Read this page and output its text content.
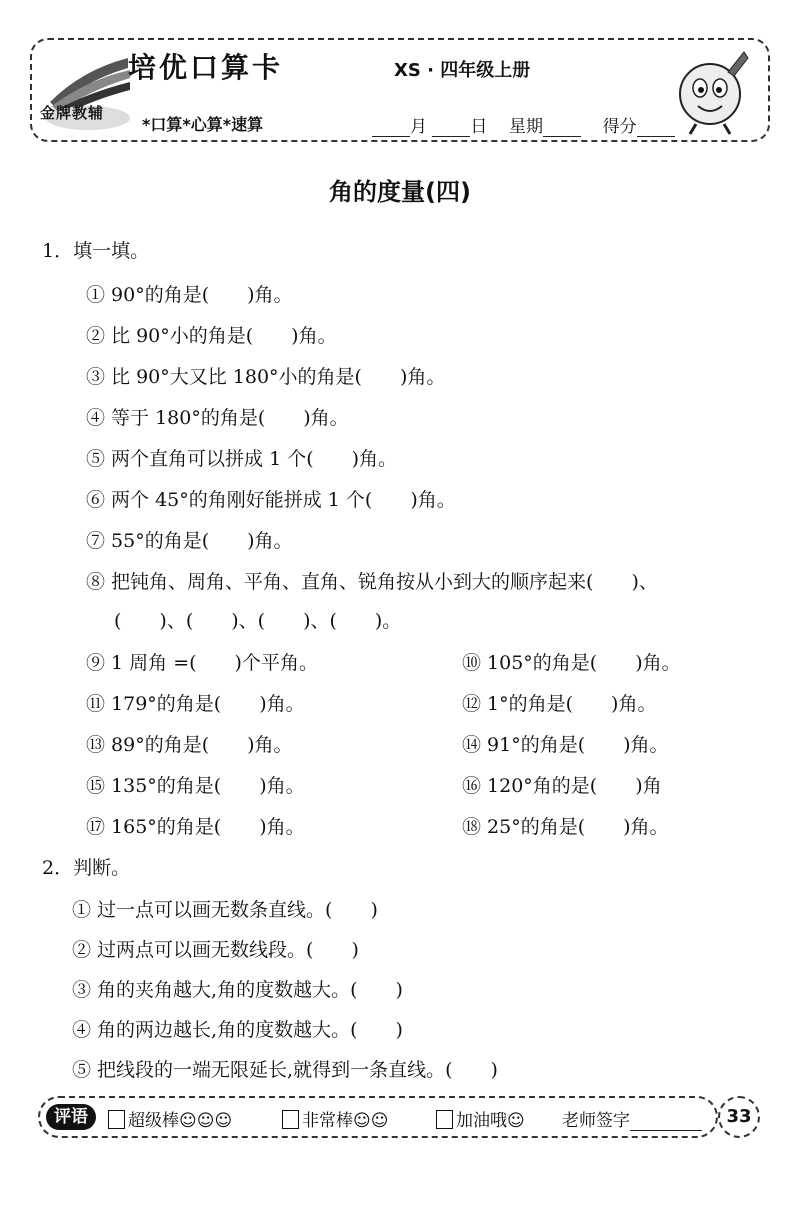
金牌教辅
培优口算卡
*口算*心算*速算
XS · 四年级上册
月	日 星期	得分
角的度量(四)
1．填一填。
① 90°的角是(　　)角。
② 比 90°小的角是(　　)角。
③ 比 90°大又比 180°小的角是(　　)角。
④ 等于 180°的角是(　　)角。
⑤ 两个直角可以拼成 1 个(　　)角。
⑥ 两个 45°的角刚好能拼成 1 个(　　)角。
⑦ 55°的角是(　　)角。
⑧ 把钝角、周角、平角、直角、锐角按从小到大的顺序起来(　　)、
(　　)、(　　)、(　　)、(　　)。
⑨ 1 周角 =(　　)个平角。	⑩ 105°的角是(　　)角。
⑪ 179°的角是(　　)角。	⑫ 1°的角是(　　)角。
⑬ 89°的角是(　　)角。	⑭ 91°的角是(　　)角。
⑮ 135°的角是(　　)角。	⑯ 120°角的是(　　)角
⑰ 165°的角是(　　)角。	⑱ 25°的角是(　　)角。
2．判断。
① 过一点可以画无数条直线。(　　)
② 过两点可以画无数线段。(　　)
③ 角的夹角越大,角的度数越大。(　　)
④ 角的两边越长,角的度数越大。(　　)
⑤ 把线段的一端无限延长,就得到一条直线。(　　)
评语	超级棒☺☺☺	非常棒☺☺	加油哦☺ 老师签字	33
